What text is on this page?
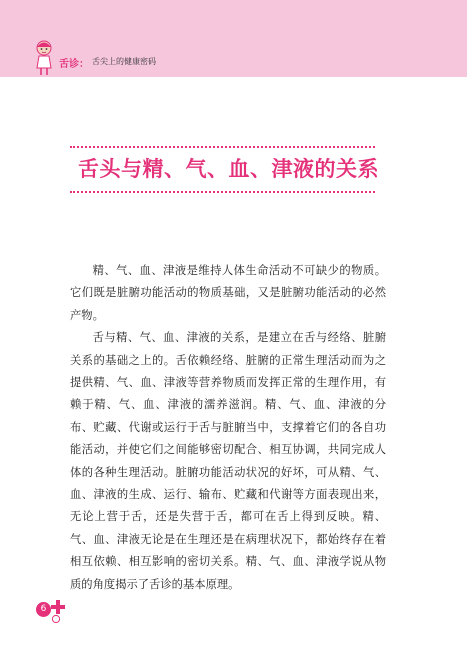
舌诊： 舌尖上的健康密码
舌头与精、气、血、津液的关系

精、气、血、津液是维持人体生命活动不可缺少的物质。它们既是脏腑功能活动的物质基础，又是脏腑功能活动的必然产物。

舌与精、气、血、津液的关系，是建立在舌与经络、脏腑关系的基础之上的。舌依赖经络、脏腑的正常生理活动而为之提供精、气、血、津液等营养物质而发挥正常的生理作用，有赖于精、气、血、津液的濡养滋润。精、气、血、津液的分布、贮藏、代谢或运行于舌与脏腑当中，支撑着它们的各自功能活动，并使它们之间能够密切配合、相互协调，共同完成人体的各种生理活动。脏腑功能活动状况的好坏，可从精、气、血、津液的生成、运行、输布、贮藏和代谢等方面表现出来，无论上营于舌，还是失营于舌，都可在舌上得到反映。精、气、血、津液无论是在生理还是在病理状况下，都始终存在着相互依赖、相互影响的密切关系。精、气、血、津液学说从物质的角度揭示了舌诊的基本原理。

6
